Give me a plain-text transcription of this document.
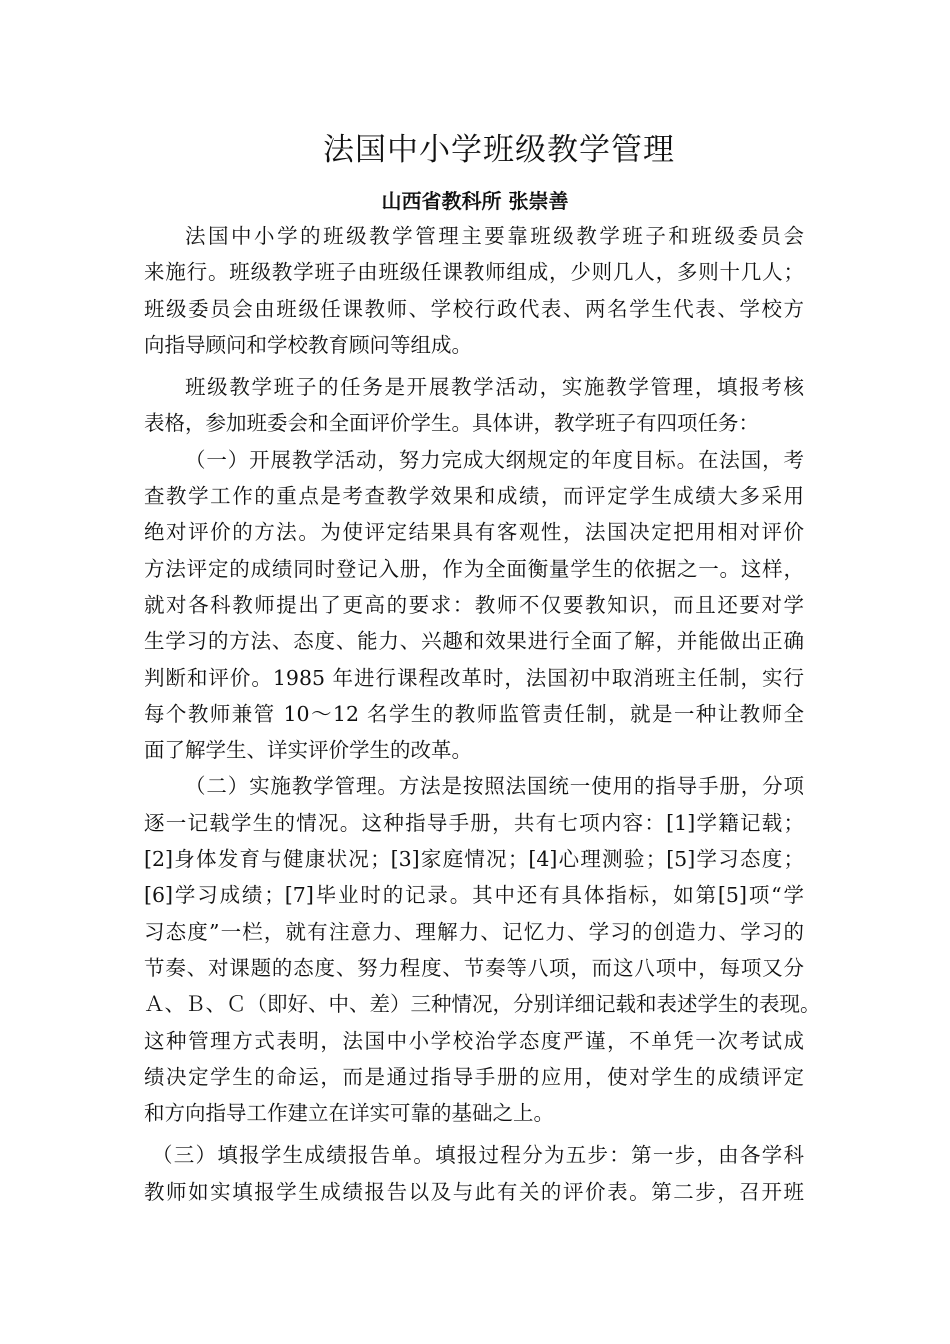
法国中小学班级教学管理
山西省教科所 张崇善
法国中小学的班级教学管理主要靠班级教学班子和班级委员会
来施行。班级教学班子由班级任课教师组成，少则几人，多则十几人；
班级委员会由班级任课教师、学校行政代表、两名学生代表、学校方
向指导顾问和学校教育顾问等组成。
班级教学班子的任务是开展教学活动，实施教学管理，填报考核
表格，参加班委会和全面评价学生。具体讲，教学班子有四项任务：
（一）开展教学活动，努力完成大纲规定的年度目标。在法国，考
查教学工作的重点是考查教学效果和成绩，而评定学生成绩大多采用
绝对评价的方法。为使评定结果具有客观性，法国决定把用相对评价
方法评定的成绩同时登记入册，作为全面衡量学生的依据之一。这样，
就对各科教师提出了更高的要求：教师不仅要教知识，而且还要对学
生学习的方法、态度、能力、兴趣和效果进行全面了解，并能做出正确
判断和评价。1985 年进行课程改革时，法国初中取消班主任制，实行
每个教师兼管 10～12 名学生的教师监管责任制，就是一种让教师全
面了解学生、详实评价学生的改革。
（二）实施教学管理。方法是按照法国统一使用的指导手册，分项
逐一记载学生的情况。这种指导手册，共有七项内容：[1]学籍记载；
[2]身体发育与健康状况；[3]家庭情况；[4]心理测验；[5]学习态度；
[6]学习成绩；[7]毕业时的记录。其中还有具体指标，如第[5]项“学
习态度”一栏，就有注意力、理解力、记忆力、学习的创造力、学习的
节奏、对课题的态度、努力程度、节奏等八项，而这八项中，每项又分
Ａ、Ｂ、Ｃ（即好、中、差）三种情况，分别详细记载和表述学生的表现。
这种管理方式表明，法国中小学校治学态度严谨，不单凭一次考试成
绩决定学生的命运，而是通过指导手册的应用，使对学生的成绩评定
和方向指导工作建立在详实可靠的基础之上。
（三）填报学生成绩报告单。填报过程分为五步：第一步，由各学科
教师如实填报学生成绩报告以及与此有关的评价表。第二步，召开班
